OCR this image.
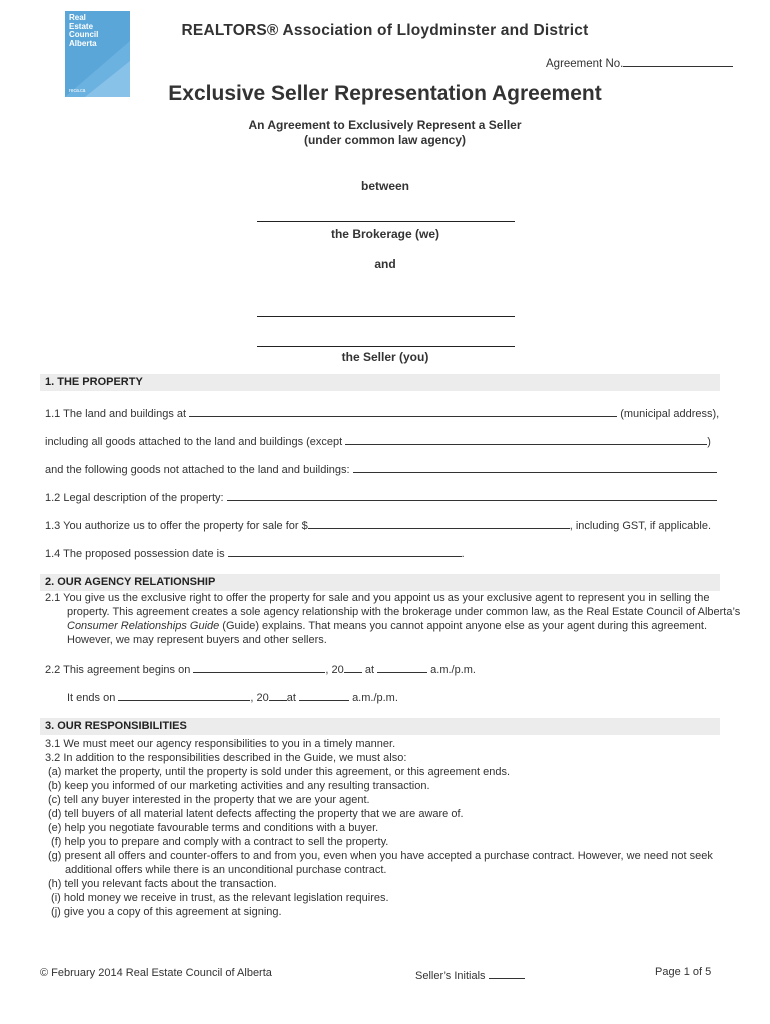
Real
Estate
Council
Alberta
reca.ca
REALTORS® Association of Lloydminster and District
Agreement No.
Exclusive Seller Representation Agreement
An Agreement to Exclusively Represent a Seller
(under common law agency)
between
the Brokerage (we)
and
the Seller (you)
1. THE PROPERTY
1.1 The land and buildings at	(municipal address),
including all goods attached to the land and buildings (except	)
and the following goods not attached to the land and buildings:
1.2 Legal description of the property:
1.3 You authorize us to offer the property for sale for $	, including GST, if applicable.
1.4 The proposed possession date is	.
2. OUR AGENCY RELATIONSHIP
2.1 You give us the exclusive right to offer the property for sale and you appoint us as your exclusive agent to represent you in selling the property. This agreement creates a sole agency relationship with the brokerage under common law, as the Real Estate Council of Alberta’s Consumer Relationships Guide (Guide) explains. That means you cannot appoint anyone else as your agent during this agreement. However, we may represent buyers and other sellers.
2.2 This agreement begins on	, 20 at	a.m./p.m.
It ends on	, 20 at	a.m./p.m.
3. OUR RESPONSIBILITIES
3.1 We must meet our agency responsibilities to you in a timely manner.
3.2 In addition to the responsibilities described in the Guide, we must also:
(a) market the property, until the property is sold under this agreement, or this agreement ends.
(b) keep you informed of our marketing activities and any resulting transaction.
(c) tell any buyer interested in the property that we are your agent.
(d) tell buyers of all material latent defects affecting the property that we are aware of.
(e) help you negotiate favourable terms and conditions with a buyer.
(f) help you to prepare and comply with a contract to sell the property.
(g) present all offers and counter-offers to and from you, even when you have accepted a purchase contract. However, we need not seek additional offers while there is an unconditional purchase contract.
(h) tell you relevant facts about the transaction.
(i) hold money we receive in trust, as the relevant legislation requires.
(j) give you a copy of this agreement at signing.
© February 2014 Real Estate Council of Alberta	Seller’s Initials	Page 1 of 5
